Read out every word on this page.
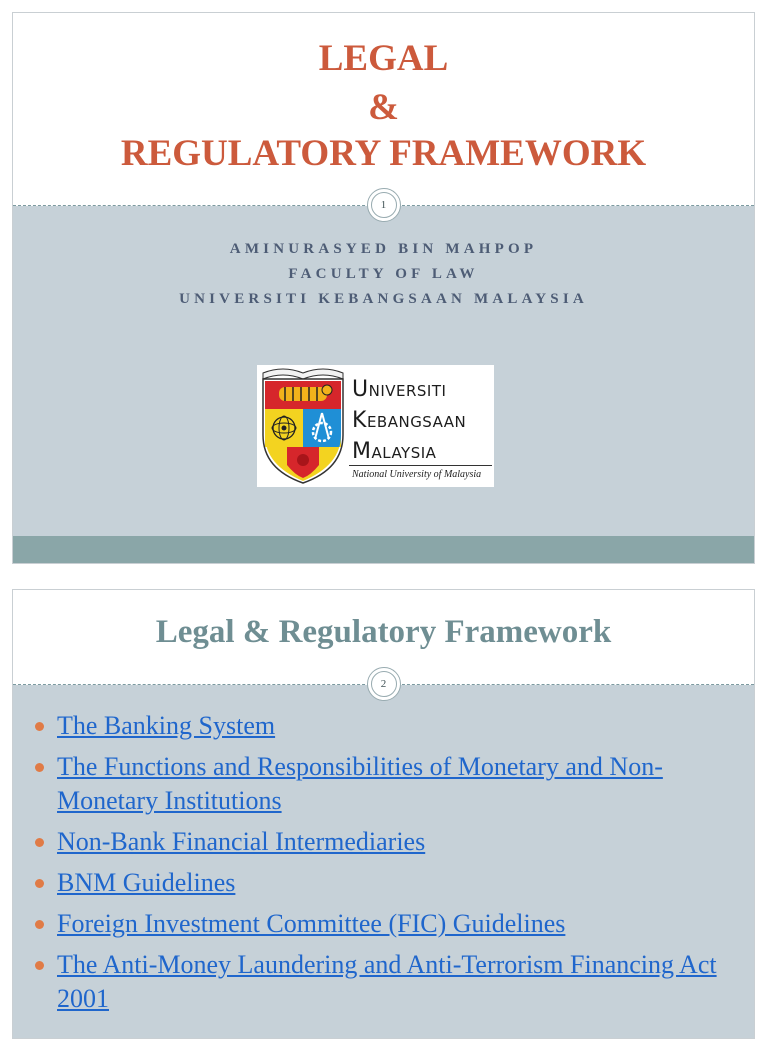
LEGAL
&
REGULATORY FRAMEWORK
1

AMINURASYED BIN MAHPOP

FACULTY OF LAW

UNIVERSITI KEBANGSAAN MALAYSIA

UNIVERSITI
KEBANGSAAN
MALAYSIA
National University of Malaysia
Legal & Regulatory Framework
2
The Banking System
The Functions and Responsibilities of Monetary and Non-Monetary Institutions
Non-Bank Financial Intermediaries
BNM Guidelines
Foreign Investment Committee (FIC) Guidelines
The Anti-Money Laundering and Anti-Terrorism Financing Act 2001
